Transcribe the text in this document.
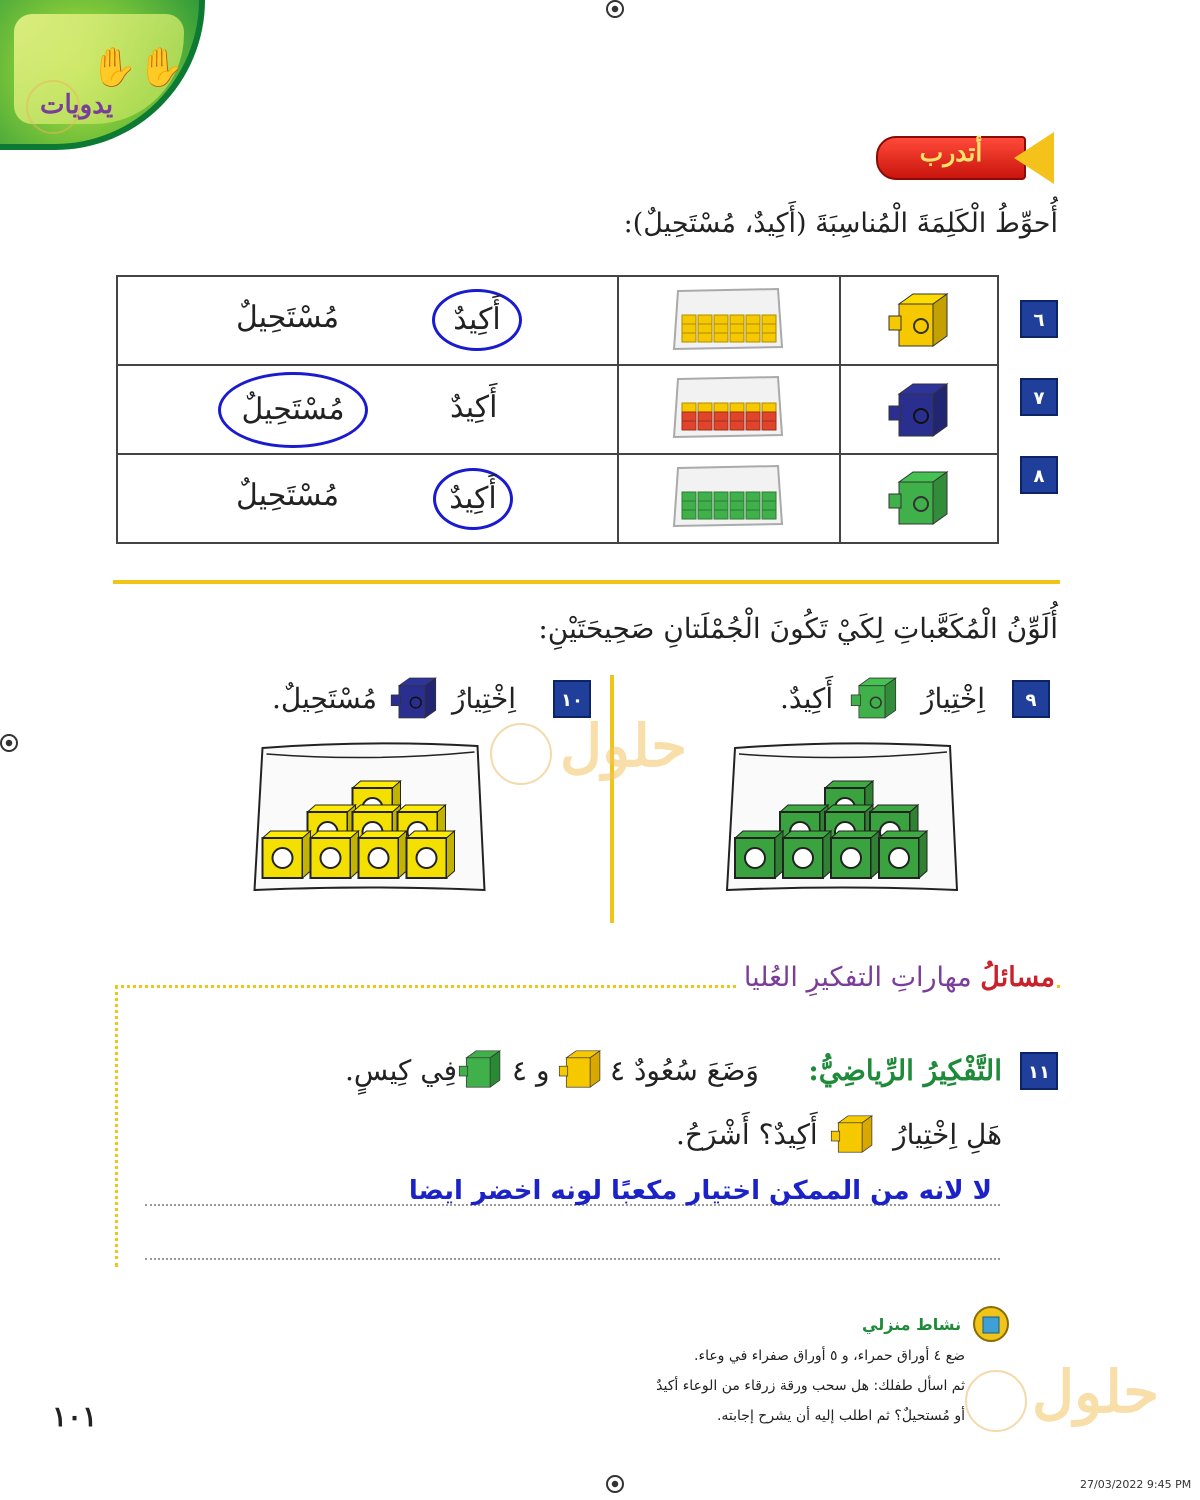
✋✋
يدويات
أتدرب
أُحوِّطُ الْكَلِمَةَ الْمُناسِبَةَ (أَكِيدٌ، مُسْتَحِيلٌ):

٦
أَكِيدٌ
مُسْتَحِيلٌ
٧
أَكِيدٌ
مُسْتَحِيلٌ
٨
أَكِيدٌ
مُسْتَحِيلٌ
أُلَوِّنُ الْمُكَعَّباتِ لِكَيْ تَكُونَ الْجُمْلَتانِ صَحِيحَتَيْنِ:
٩
اِخْتِيارُ
أَكِيدٌ.
١٠
اِخْتِيارُ
مُسْتَحِيلٌ.
مسائلُ مهاراتِ التفكيرِ العُليا
١١
التَّفْكِيرُ الرِّياضِيُّ:
وَضَعَ سُعُودٌ ٤
و ٤
فِي كِيسٍ.
هَلِ اِخْتِيارُ
أَكِيدٌ؟ أَشْرَحُ.
لا لانه من الممكن اختيار مكعبًا لونه اخضر ايضا
نشاط منزلي
ضع ٤ أوراق حمراء، و ٥ أوراق صفراء في وعاء.
ثم اسأل طفلك: هل سحب ورقة زرقاء من الوعاء أكيدٌ
أو مُستحيلٌ؟ ثم اطلب إليه أن يشرح إجابته.
حلول
حلول
١٠١
27/03/2022 9:45 PM
